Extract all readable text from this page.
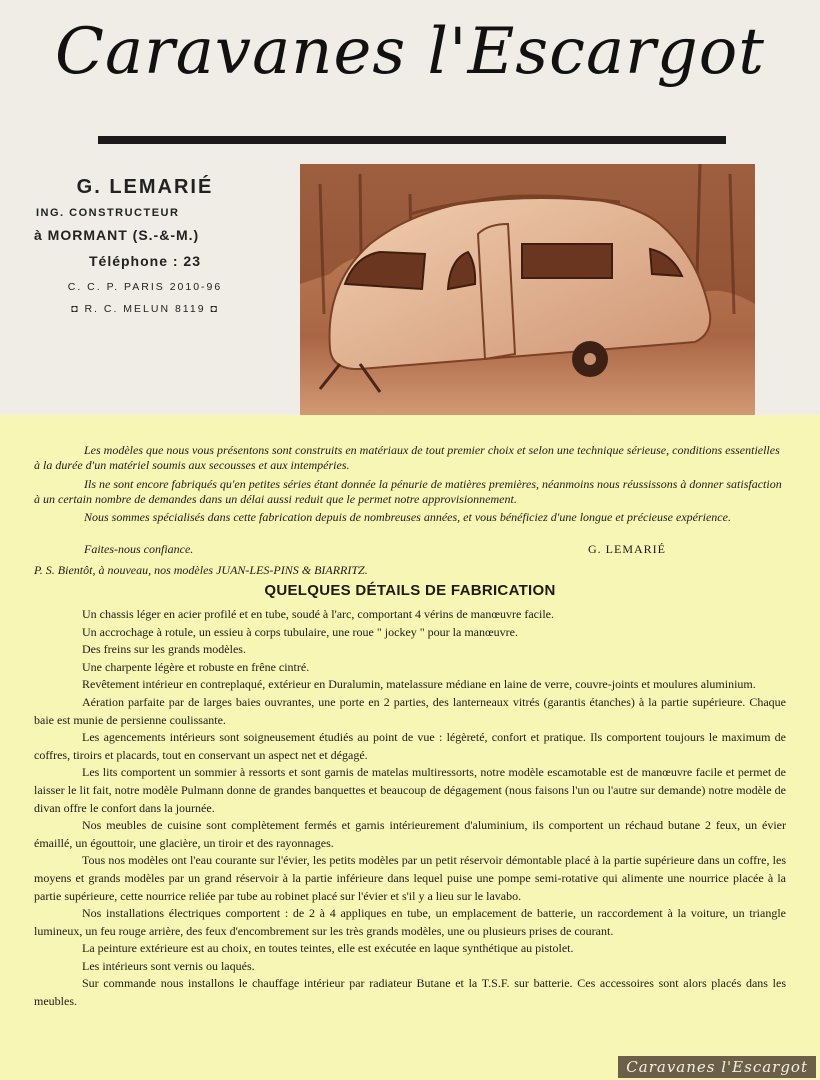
Caravanes l'Escargot
G. LEMARIÉ
ING. CONSTRUCTEUR
à MORMANT (S.-&-M.)
Téléphone : 23
C. C. P. PARIS 2010-96
◘ R. C. MELUN 8119 ◘
Les modèles que nous vous présentons sont construits en matériaux de tout premier choix et selon une technique sérieuse, conditions essentielles à la durée d'un matériel soumis aux secousses et aux intempéries.
Ils ne sont encore fabriqués qu'en petites séries étant donnée la pénurie de matières premières, néanmoins nous réussissons à donner satisfaction à un certain nombre de demandes dans un délai aussi reduit que le permet notre approvisionnement.
Nous sommes spécialisés dans cette fabrication depuis de nombreuses années, et vous bénéficiez d'une longue et précieuse expérience.
Faites-nous confiance.	G. LEMARIÉ
P. S. Bientôt, à nouveau, nos modèles JUAN-LES-PINS & BIARRITZ.
QUELQUES DÉTAILS DE FABRICATION

Un chassis léger en acier profilé et en tube, soudé à l'arc, comportant 4 vérins de manœuvre facile.

Un accrochage à rotule, un essieu à corps tubulaire, une roue " jockey " pour la manœuvre.

Des freins sur les grands modèles.

Une charpente légère et robuste en frêne cintré.

Revêtement intérieur en contreplaqué, extérieur en Duralumin, matelassure médiane en laine de verre, couvre-joints et moulures aluminium.

Aération parfaite par de larges baies ouvrantes, une porte en 2 parties, des lanterneaux vitrés (garantis étanches) à la partie supérieure. Chaque baie est munie de persienne coulissante.

Les agencements intérieurs sont soigneusement étudiés au point de vue : légèreté, confort et pratique. Ils comportent toujours le maximum de coffres, tiroirs et placards, tout en conservant un aspect net et dégagé.

Les lits comportent un sommier à ressorts et sont garnis de matelas multiressorts, notre modèle escamotable est de manœuvre facile et permet de laisser le lit fait, notre modèle Pulmann donne de grandes banquettes et beaucoup de dégagement (nous faisons l'un ou l'autre sur demande) notre modèle de divan offre le confort dans la journée.

Nos meubles de cuisine sont complètement fermés et garnis intérieurement d'aluminium, ils comportent un réchaud butane 2 feux, un évier émaillé, un égouttoir, une glacière, un tiroir et des rayonnages.

Tous nos modèles ont l'eau courante sur l'évier, les petits modèles par un petit réservoir démontable placé à la partie supérieure dans un coffre, les moyens et grands modèles par un grand réservoir à la partie inférieure dans lequel puise une pompe semi-rotative qui alimente une nourrice placée à la partie supérieure, cette nourrice reliée par tube au robinet placé sur l'évier et s'il y a lieu sur le lavabo.

Nos installations électriques comportent : de 2 à 4 appliques en tube, un emplacement de batterie, un raccordement à la voiture, un triangle lumineux, un feu rouge arrière, des feux d'encombrement sur les très grands modèles, une ou plusieurs prises de courant.

La peinture extérieure est au choix, en toutes teintes, elle est exécutée en laque synthétique au pistolet.

Les intérieurs sont vernis ou laqués.

Sur commande nous installons le chauffage intérieur par radiateur Butane et la T.S.F. sur batterie. Ces accessoires sont alors placés dans les meubles.

Caravanes l'Escargot
